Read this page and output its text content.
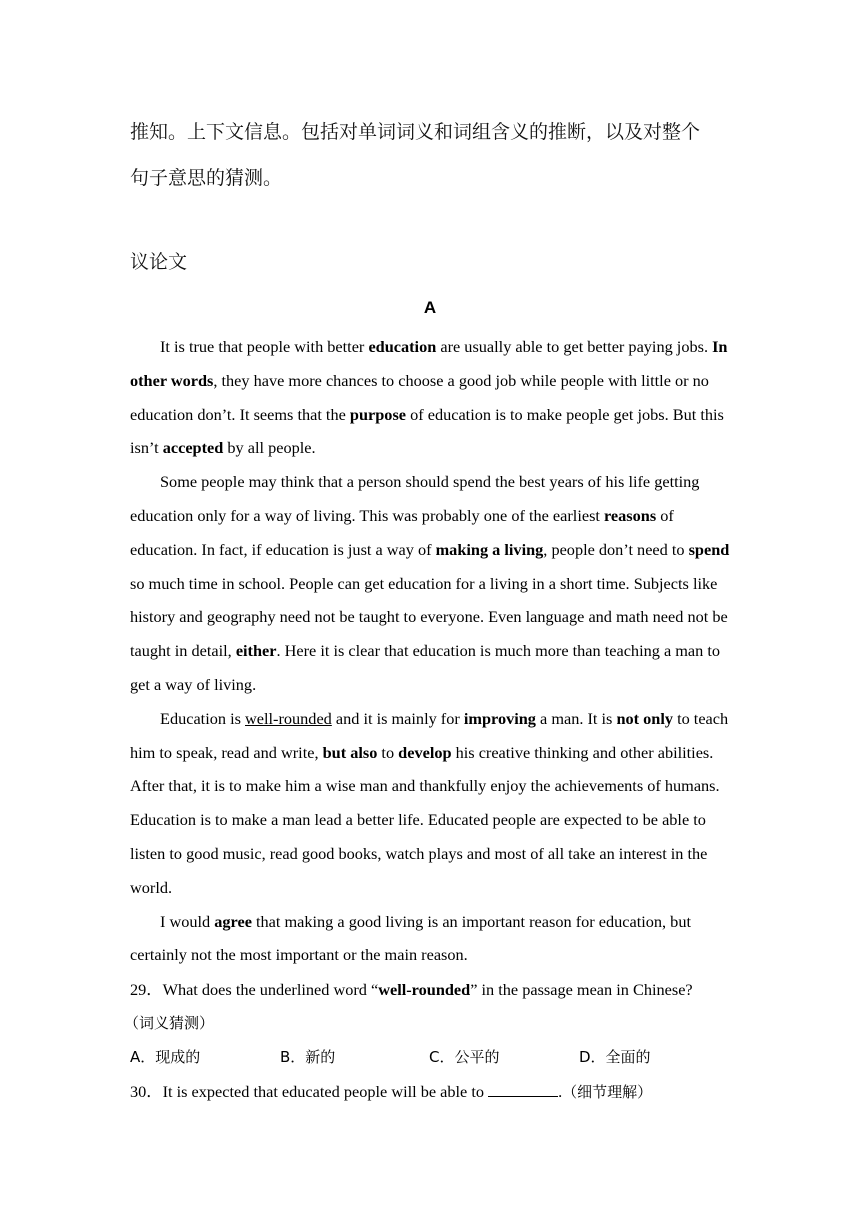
推知。上下文信息。包括对单词词义和词组含义的推断，以及对整个
句子意思的猜测。
议论文
A

It is true that people with better education are usually able to get better paying jobs. In other words, they have more chances to choose a good job while people with little or no education don’t. It seems that the purpose of education is to make people get jobs. But this isn’t accepted by all people.

Some people may think that a person should spend the best years of his life getting education only for a way of living. This was probably one of the earliest reasons of education. In fact, if education is just a way of making a living, people don’t need to spend so much time in school. People can get education for a living in a short time. Subjects like history and geography need not be taught to everyone. Even language and math need not be taught in detail, either. Here it is clear that education is much more than teaching a man to get a way of living.

Education is well-rounded and it is mainly for improving a man. It is not only to teach him to speak, read and write, but also to develop his creative thinking and other abilities. After that, it is to make him a wise man and thankfully enjoy the achievements of humans. Education is to make a man lead a better life. Educated people are expected to be able to listen to good music, read good books, watch plays and most of all take an interest in the world.

I would agree that making a good living is an important reason for education, but certainly not the most important or the main reason.

29．What does the underlined word “well-rounded” in the passage mean in Chinese?
（词义猜测）
A．现成的	B．新的	C．公平的	D．全面的
30．It is expected that educated people will be able to	.（细节理解）
